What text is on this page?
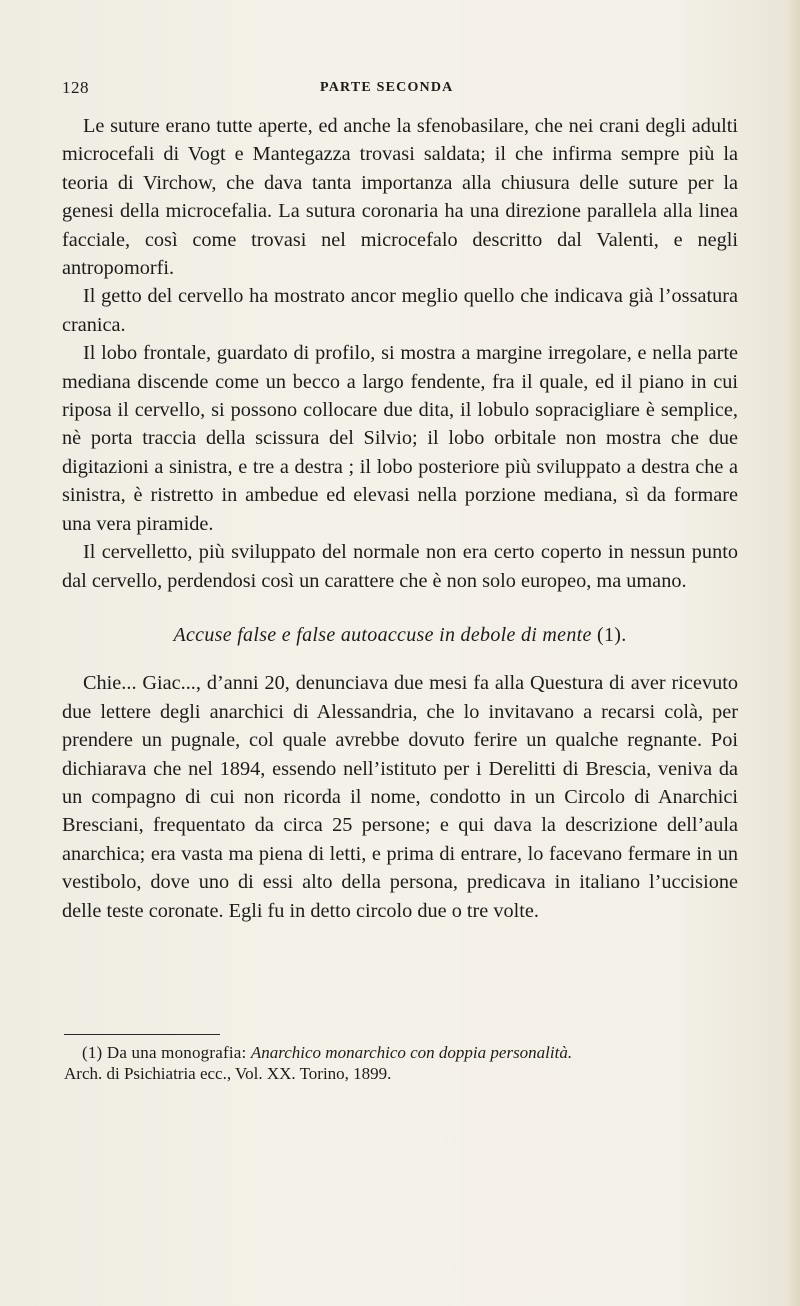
128	PARTE SECONDA

Le suture erano tutte aperte, ed anche la sfenobasilare, che nei crani degli adulti microcefali di Vogt e Mantegazza trovasi saldata; il che infirma sempre più la teoria di Virchow, che dava tanta importanza alla chiusura delle suture per la genesi della microcefalia. La sutura coronaria ha una direzione parallela alla linea facciale, così come trovasi nel microcefalo descritto dal Valenti, e negli antropomorfi.

Il getto del cervello ha mostrato ancor meglio quello che indicava già l’ossatura cranica.

Il lobo frontale, guardato di profilo, si mostra a margine irregolare, e nella parte mediana discende come un becco a largo fendente, fra il quale, ed il piano in cui riposa il cervello, si possono collocare due dita, il lobulo sopracigliare è semplice, nè porta traccia della scissura del Silvio; il lobo orbitale non mostra che due digitazioni a sinistra, e tre a destra ; il lobo posteriore più sviluppato a destra che a sinistra, è ristretto in ambedue ed elevasi nella porzione mediana, sì da formare una vera piramide.

Il cervelletto, più sviluppato del normale non era certo coperto in nessun punto dal cervello, perdendosi così un carattere che è non solo europeo, ma umano.

Accuse false e false autoaccuse in debole di mente (1).

Chie... Giac..., d’anni 20, denunciava due mesi fa alla Questura di aver ricevuto due lettere degli anarchici di Alessandria, che lo invitavano a recarsi colà, per prendere un pugnale, col quale avrebbe dovuto ferire un qualche regnante. Poi dichiarava che nel 1894, essendo nell’istituto per i Derelitti di Brescia, veniva da un compagno di cui non ricorda il nome, condotto in un Circolo di Anarchici Bresciani, frequentato da circa 25 persone; e qui dava la descrizione dell’aula anarchica; era vasta ma piena di letti, e prima di entrare, lo facevano fermare in un vestibolo, dove uno di essi alto della persona, predicava in italiano l’uccisione delle teste coronate. Egli fu in detto circolo due o tre volte.

(1) Da una monografia: Anarchico monarchico con doppia personalità.
Arch. di Psichiatria ecc., Vol. XX. Torino, 1899.
